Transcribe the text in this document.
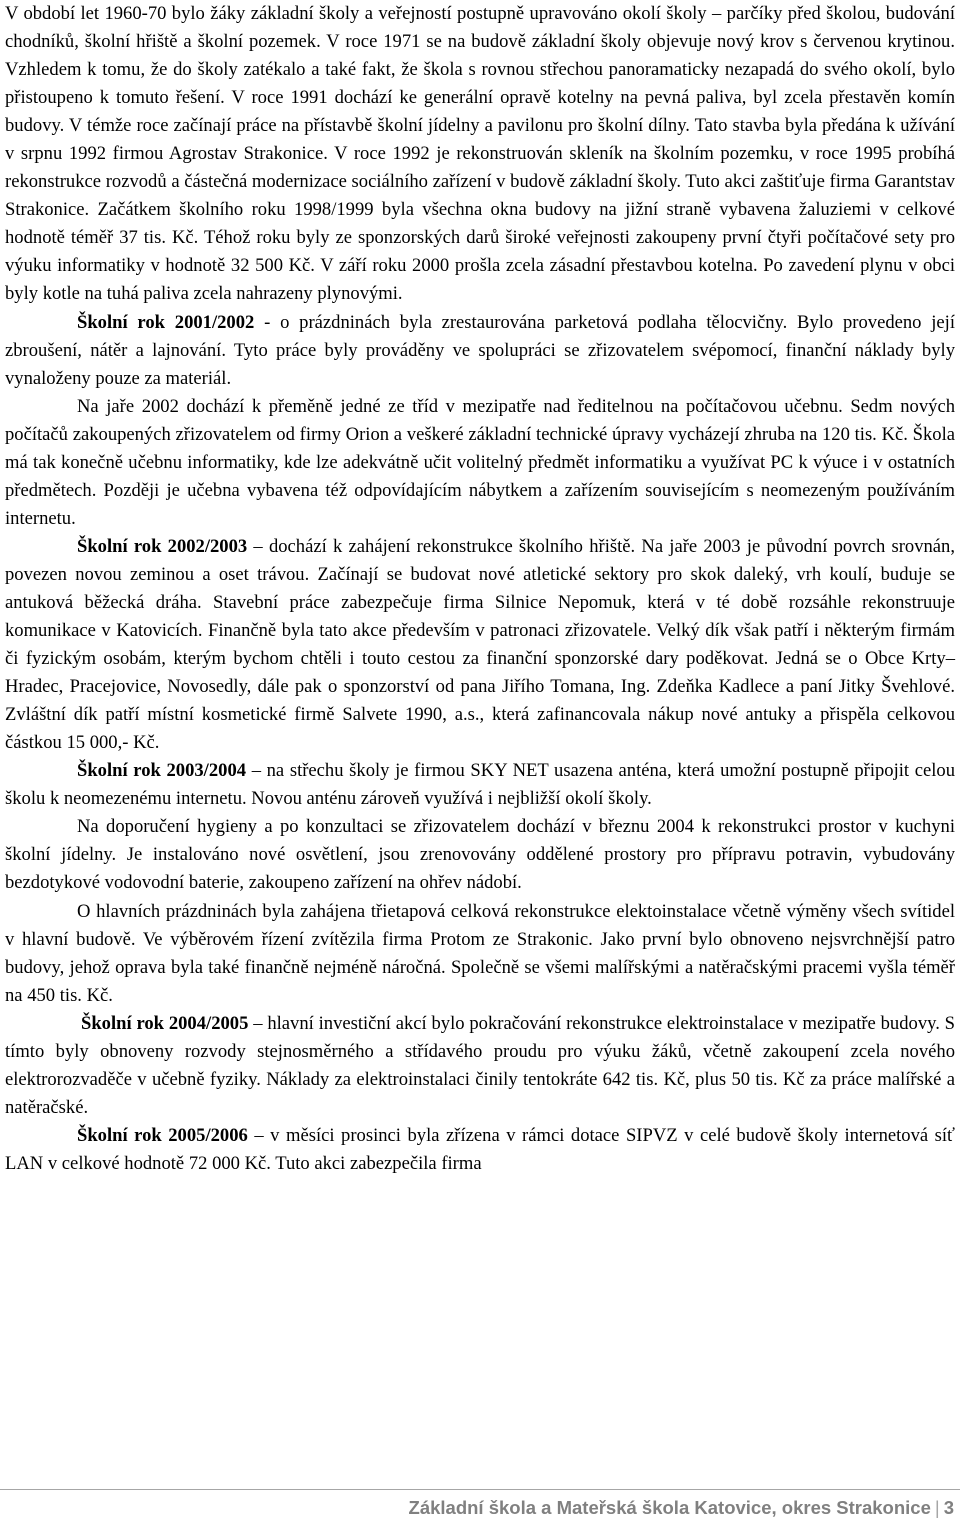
V období let 1960-70 bylo žáky základní školy a veřejností postupně upravováno okolí školy – parčíky před školou, budování chodníků, školní hřiště a školní pozemek. V roce 1971 se na budově základní školy objevuje nový krov s červenou krytinou. Vzhledem k tomu, že do školy zatékalo a také fakt, že škola s rovnou střechou panoramaticky nezapadá do svého okolí, bylo přistoupeno k tomuto řešení. V roce 1991 dochází ke generální opravě kotelny na pevná paliva, byl zcela přestavěn komín budovy. V témže roce začínají práce na přístavbě školní jídelny a pavilonu pro školní dílny. Tato stavba byla předána k užívání v srpnu 1992 firmou Agrostav Strakonice. V roce 1992 je rekonstruován skleník na školním pozemku, v roce 1995 probíhá rekonstrukce rozvodů a částečná modernizace sociálního zařízení v budově základní školy. Tuto akci zaštiťuje firma Garantstav Strakonice. Začátkem školního roku 1998/1999 byla všechna okna budovy na jižní straně vybavena žaluziemi v celkové hodnotě téměř 37 tis. Kč. Téhož roku byly ze sponzorských darů široké veřejnosti zakoupeny první čtyři počítačové sety pro výuku informatiky v hodnotě 32 500 Kč. V září roku 2000 prošla zcela zásadní přestavbou kotelna. Po zavedení plynu v obci byly kotle na tuhá paliva zcela nahrazeny plynovými.

Školní rok 2001/2002 - o prázdninách byla zrestaurována parketová podlaha tělocvičny. Bylo provedeno její zbroušení, nátěr a lajnování. Tyto práce byly prováděny ve spolupráci se zřizovatelem svépomocí, finanční náklady byly vynaloženy pouze za materiál.

Na jaře 2002 dochází k přeměně jedné ze tříd v mezipatře nad ředitelnou na počítačovou učebnu. Sedm nových počítačů zakoupených zřizovatelem od firmy Orion a veškeré základní technické úpravy vycházejí zhruba na 120 tis. Kč. Škola má tak konečně učebnu informatiky, kde lze adekvátně učit volitelný předmět informatiku a využívat PC k výuce i v ostatních předmětech. Později je učebna vybavena též odpovídajícím nábytkem a zařízením souvisejícím s neomezeným používáním internetu.

Školní rok 2002/2003 – dochází k zahájení rekonstrukce školního hřiště. Na jaře 2003 je původní povrch srovnán, povezen novou zeminou a oset trávou. Začínají se budovat nové atletické sektory pro skok daleký, vrh koulí, buduje se antuková běžecká dráha. Stavební práce zabezpečuje firma Silnice Nepomuk, která v té době rozsáhle rekonstruuje komunikace v Katovicích. Finančně byla tato akce především v patronaci zřizovatele. Velký dík však patří i některým firmám či fyzickým osobám, kterým bychom chtěli i touto cestou za finanční sponzorské dary poděkovat. Jedná se o Obce Krty–Hradec, Pracejovice, Novosedly, dále pak o sponzorství od pana Jiřího Tomana, Ing. Zdeňka Kadlece a paní Jitky Švehlové. Zvláštní dík patří místní kosmetické firmě Salvete 1990, a.s., která zafinancovala nákup nové antuky a přispěla celkovou částkou 15 000,- Kč.

Školní rok 2003/2004 – na střechu školy je firmou SKY NET usazena anténa, která umožní postupně připojit celou školu k neomezenému internetu. Novou anténu zároveň využívá i nejbližší okolí školy.

Na doporučení hygieny a po konzultaci se zřizovatelem dochází v březnu 2004 k rekonstrukci prostor v kuchyni školní jídelny. Je instalováno nové osvětlení, jsou zrenovovány oddělené prostory pro přípravu potravin, vybudovány bezdotykové vodovodní baterie, zakoupeno zařízení na ohřev nádobí.

O hlavních prázdninách byla zahájena třietapová celková rekonstrukce elektoinstalace včetně výměny všech svítidel v hlavní budově. Ve výběrovém řízení zvítězila firma Protom ze Strakonic. Jako první bylo obnoveno nejsvrchnější patro budovy, jehož oprava byla také finančně nejméně náročná. Společně se všemi malířskými a natěračskými pracemi vyšla téměř na 450 tis. Kč.

Školní rok 2004/2005 – hlavní investiční akcí bylo pokračování rekonstrukce elektroinstalace v mezipatře budovy. S tímto byly obnoveny rozvody stejnosměrného a střídavého proudu pro výuku žáků, včetně zakoupení zcela nového elektrorozvaděče v učebně fyziky. Náklady za elektroinstalaci činily tentokráte 642 tis. Kč, plus 50 tis. Kč za práce malířské a natěračské.

Školní rok 2005/2006 – v měsíci prosinci byla zřízena v rámci dotace SIPVZ v celé budově školy internetová síť LAN v celkové hodnotě 72 000 Kč. Tuto akci zabezpečila firma

Základní škola a Mateřská škola Katovice, okres Strakonice | 3
